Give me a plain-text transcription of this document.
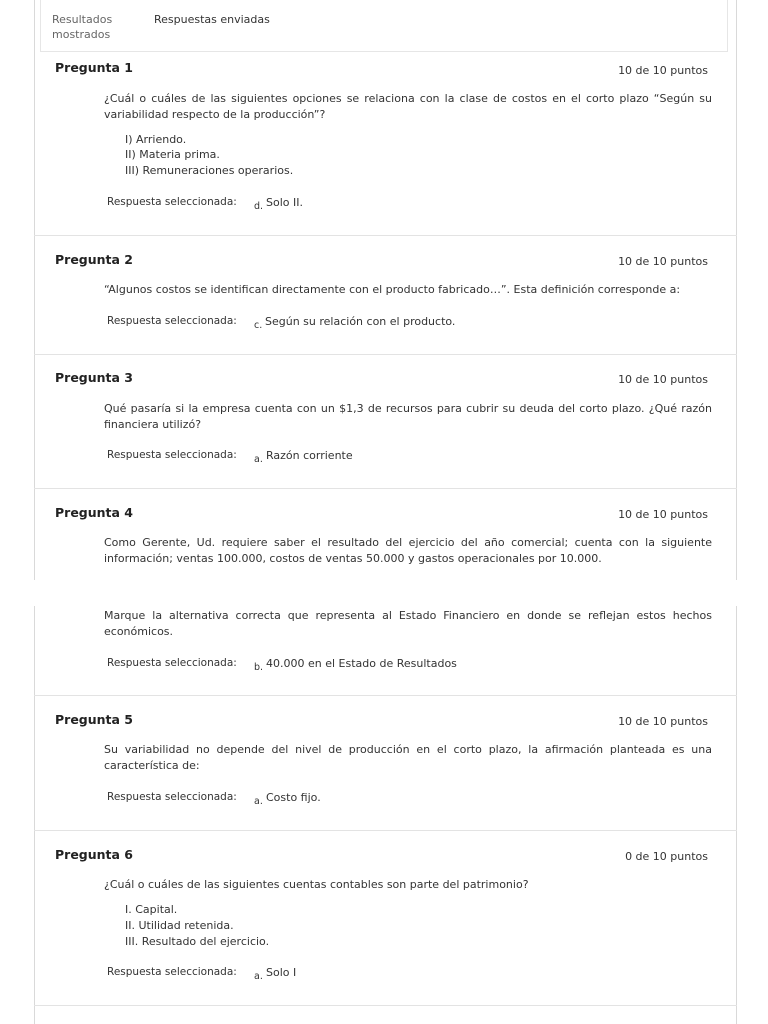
Resultados mostrados
Respuestas enviadas
Pregunta 1	10 de 10 puntos
¿Cuál o cuáles de las siguientes opciones se relaciona con la clase de costos en el corto plazo “Según su variabilidad respecto de la producción”?
I) Arriendo.
II) Materia prima.
III) Remuneraciones operarios.
Respuesta seleccionada: d. Solo II.
Pregunta 2	10 de 10 puntos
“Algunos costos se identifican directamente con el producto fabricado…”. Esta definición corresponde a:
Respuesta seleccionada: c. Según su relación con el producto.
Pregunta 3	10 de 10 puntos
Qué pasaría si la empresa cuenta con un $1,3 de recursos para cubrir su deuda del corto plazo. ¿Qué razón financiera utilizó?
Respuesta seleccionada: a. Razón corriente
Pregunta 4	10 de 10 puntos
Como Gerente, Ud. requiere saber el resultado del ejercicio del año comercial; cuenta con la siguiente información; ventas 100.000, costos de ventas 50.000 y gastos operacionales por 10.000.
Marque la alternativa correcta que representa al Estado Financiero en donde se reflejan estos hechos económicos.
Respuesta seleccionada: b. 40.000 en el Estado de Resultados
Pregunta 5	10 de 10 puntos
Su variabilidad no depende del nivel de producción en el corto plazo, la afirmación planteada es una característica de:
Respuesta seleccionada: a. Costo fijo.
Pregunta 6	0 de 10 puntos
¿Cuál o cuáles de las siguientes cuentas contables son parte del patrimonio?
I. Capital.
II. Utilidad retenida.
III. Resultado del ejercicio.
Respuesta seleccionada: a. Solo I
